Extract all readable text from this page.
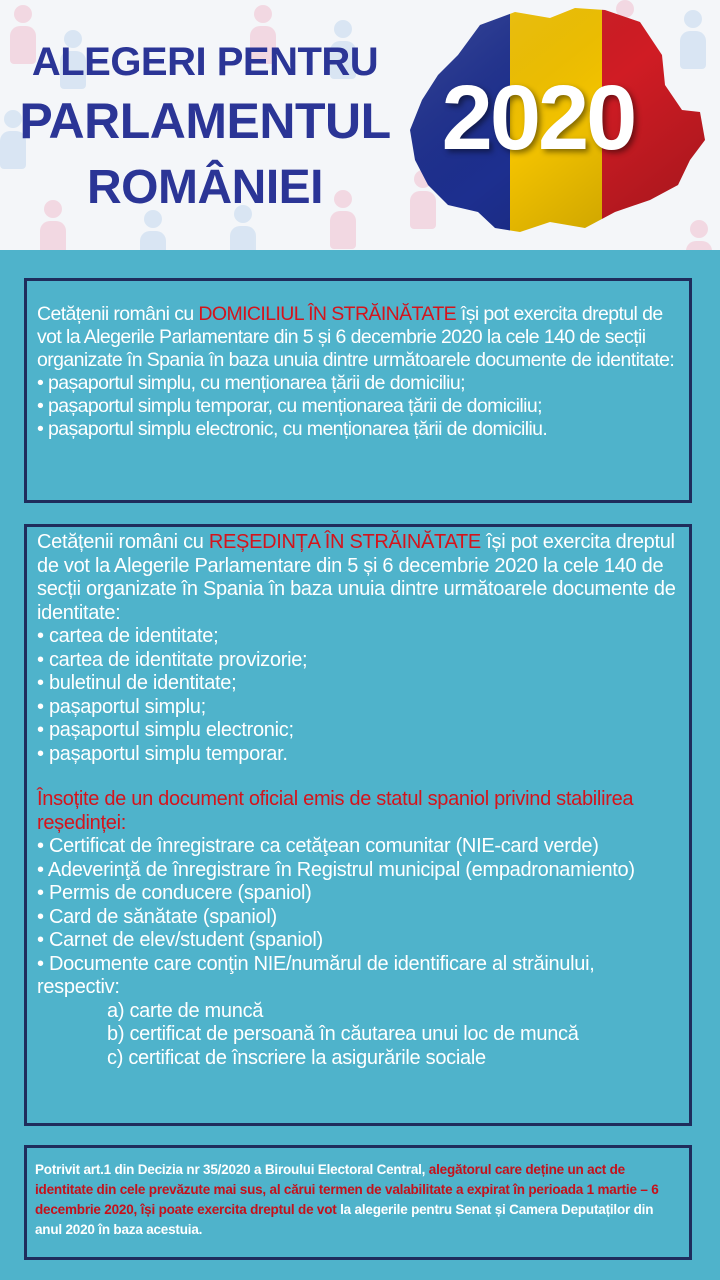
ALEGERI PENTRU
PARLAMENTUL
ROMÂNIEI
2020

Cetățenii români cu DOMICILIUL ÎN STRĂINĂTATE își pot exercita dreptul de vot la Alegerile Parlamentare din 5 și 6 decembrie 2020 la cele 140 de secții organizate în Spania în baza unuia dintre următoarele documente de identitate:

• pașaportul simplu, cu menționarea țării de domiciliu;

• pașaportul simplu temporar, cu menționarea țării de domiciliu;

• pașaportul simplu electronic, cu menționarea țării de domiciliu.

Cetățenii români cu REȘEDINȚA ÎN STRĂINĂTATE își pot exercita dreptul de vot la Alegerile Parlamentare din 5 și 6 decembrie 2020 la cele 140 de secții organizate în Spania în baza unuia dintre următoarele documente de identitate:

• cartea de identitate;

• cartea de identitate provizorie;

• buletinul de identitate;

• pașaportul simplu;

• pașaportul simplu electronic;

• pașaportul simplu temporar.

Însoțite de un document oficial emis de statul spaniol privind stabilirea reședinței:

• Certificat de înregistrare ca cetăţean comunitar (NIE-card verde)

• Adeverinţă de înregistrare în Registrul municipal (empadronamiento)

• Permis de conducere (spaniol)

• Card de sănătate (spaniol)

• Carnet de elev/student (spaniol)

• Documente care conţin NIE/numărul de identificare al străinului, respectiv:

a) carte de muncă

b) certificat de persoană în căutarea unui loc de muncă

c) certificat de înscriere la asigurările sociale

Potrivit art.1 din Decizia nr 35/2020 a Biroului Electoral Central, alegătorul care deține un act de identitate din cele prevăzute mai sus, al cărui termen de valabilitate a expirat în perioada 1 martie – 6 decembrie 2020, își poate exercita dreptul de vot la alegerile pentru Senat și Camera Deputaților din anul 2020 în baza acestuia.
